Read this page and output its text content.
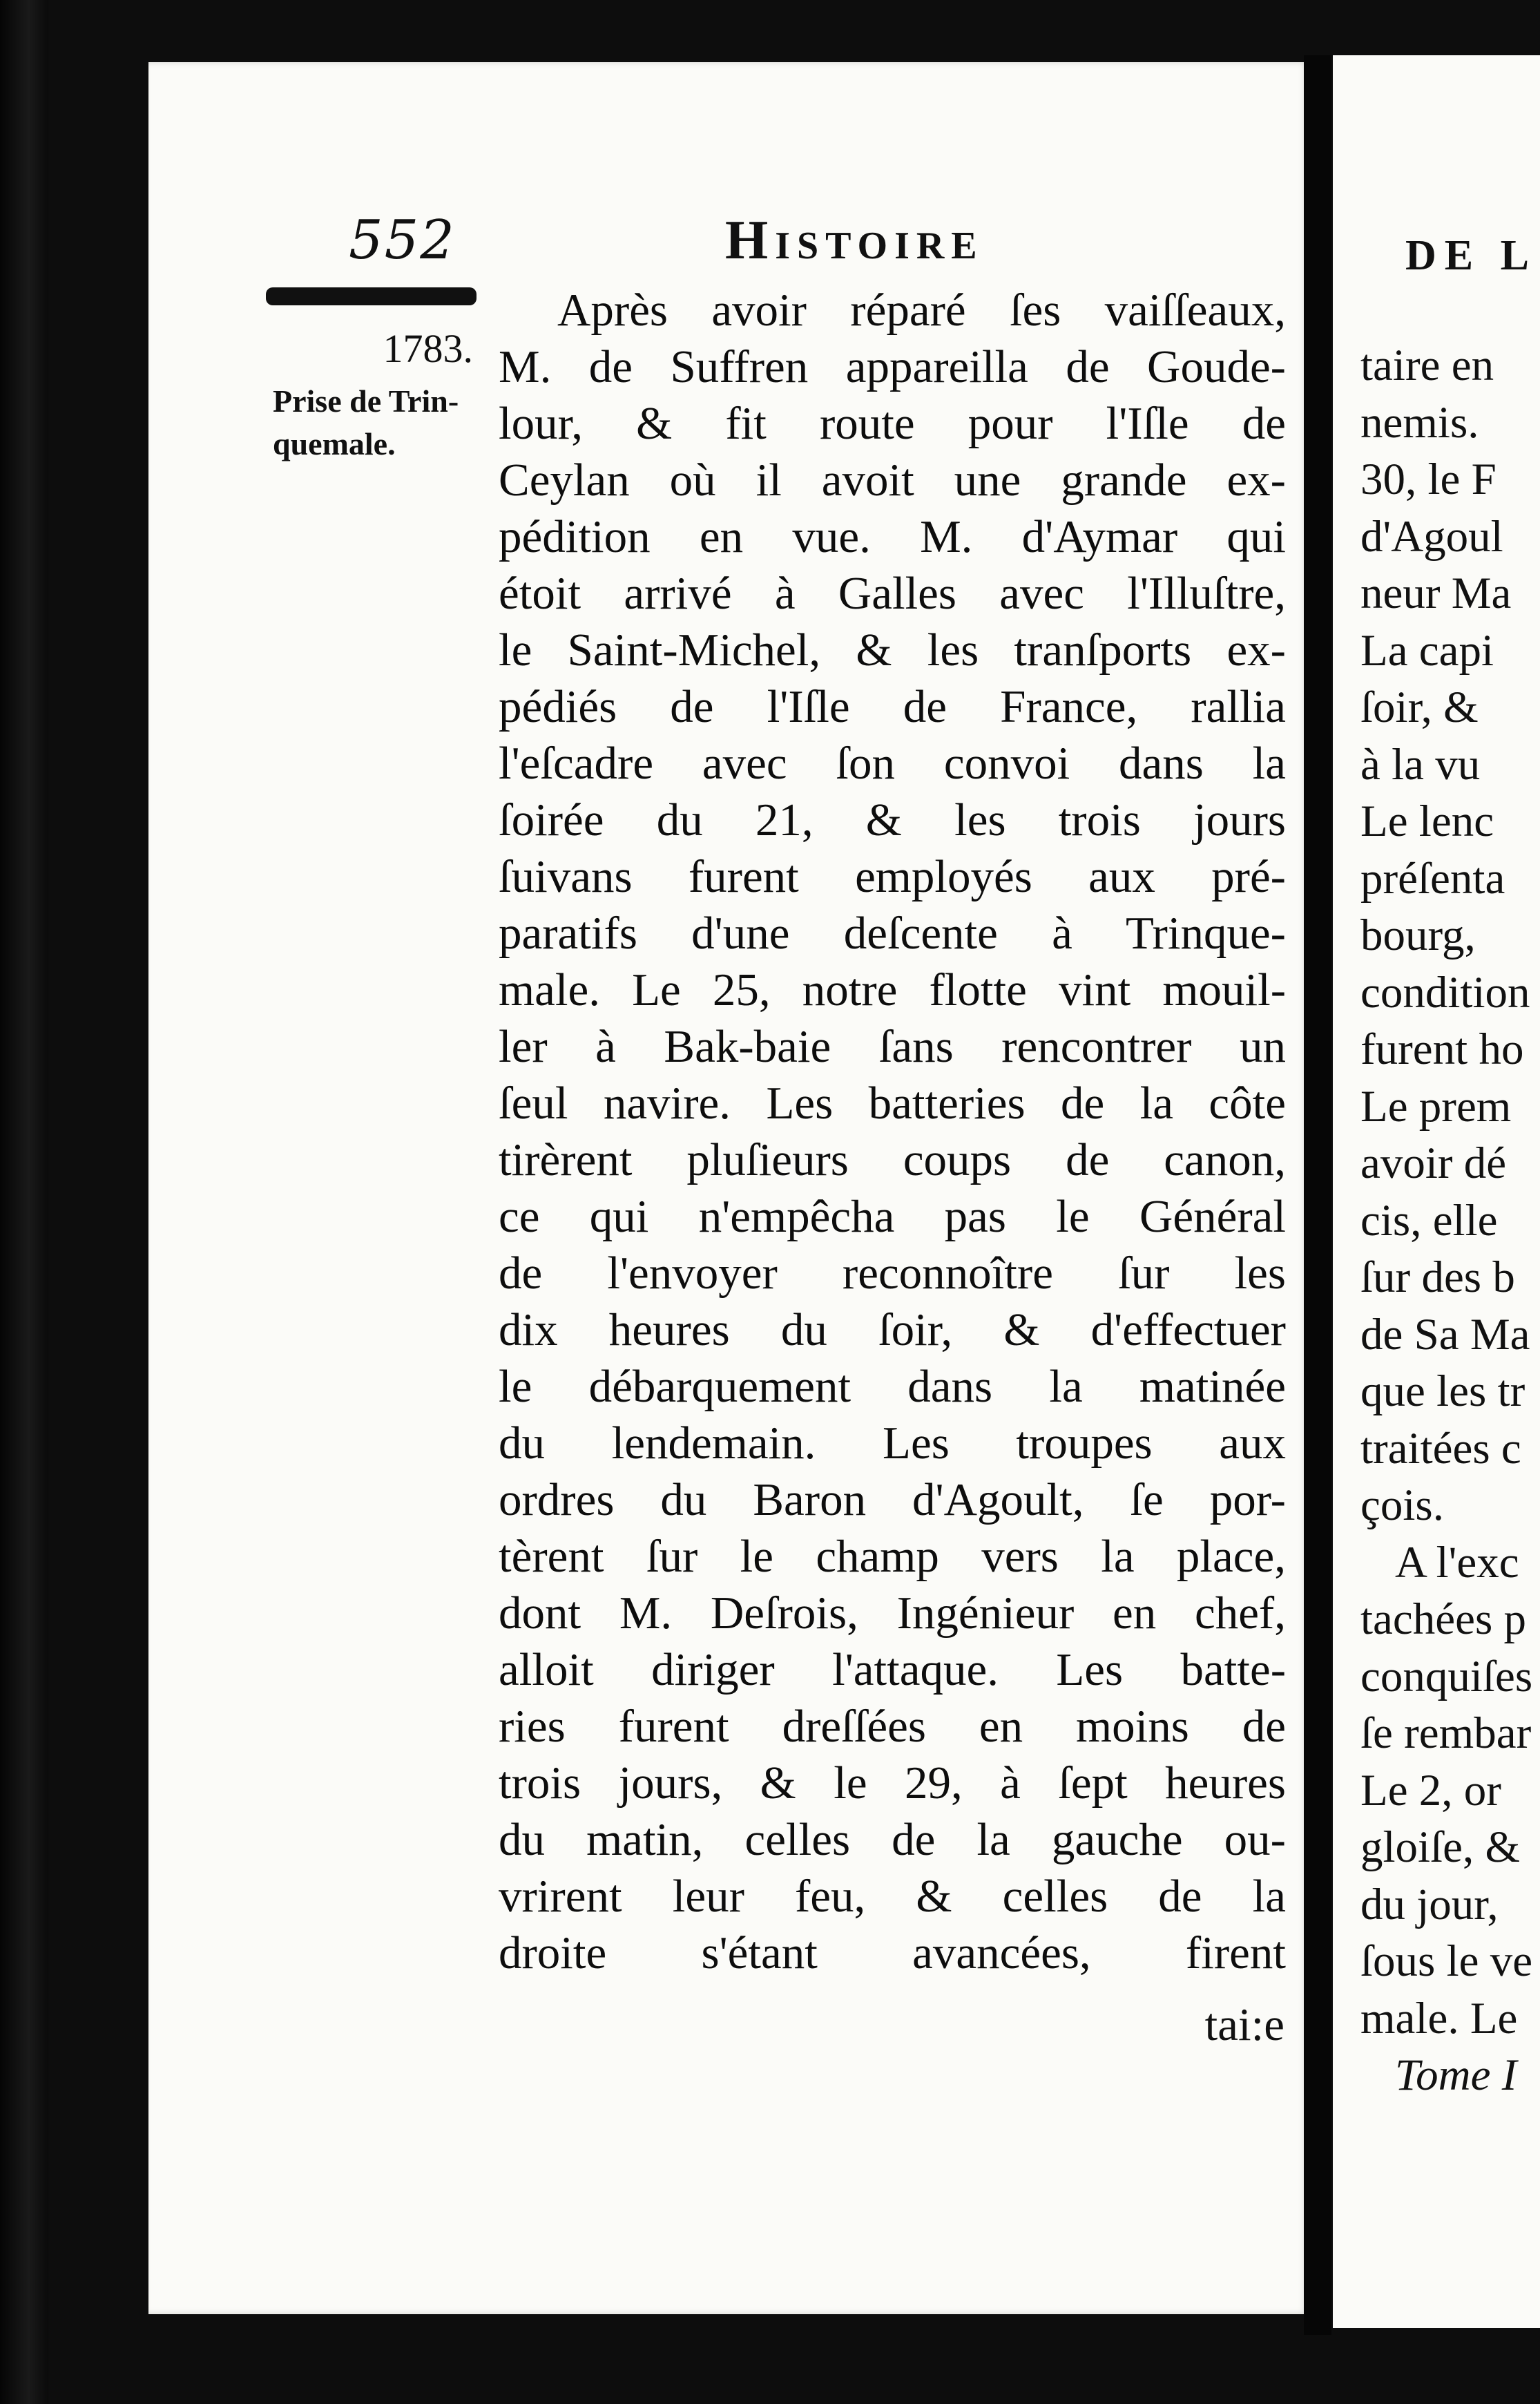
DE L
taire en
nemis.
30, le F
d'Agoul
neur Ma
La capi
ſoir, &
à la vu
Le lenc
préſenta
bourg,
condition
furent ho
Le prem
avoir dé
cis, elle
ſur des b
de Sa Ma
que les tr
traitées c
çois.
A l'exc
tachées p
conquiſes
ſe rembar
Le 2, or
gloiſe, &
du jour,
ſous le ve
male. Le
Tome I
552	Histoire
1783.
Prise de Trin-
quemale.
Après avoir réparé ſes vaiſſeaux,
M. de Suffren appareilla de Goude-
lour, & fit route pour l'Iſle de
Ceylan où il avoit une grande ex-
pédition en vue. M. d'Aymar qui
étoit arrivé à Galles avec l'Illuſtre,
le Saint-Michel, & les tranſports ex-
pédiés de l'Iſle de France, rallia
l'eſcadre avec ſon convoi dans la
ſoirée du 21, & les trois jours
ſuivans furent employés aux pré-
paratifs d'une deſcente à Trinque-
male. Le 25, notre flotte vint mouil-
ler à Bak-baie ſans rencontrer un
ſeul navire. Les batteries de la côte
tirèrent pluſieurs coups de canon,
ce qui n'empêcha pas le Général
de l'envoyer reconnoître ſur les
dix heures du ſoir, & d'effectuer
le débarquement dans la matinée
du lendemain. Les troupes aux
ordres du Baron d'Agoult, ſe por-
tèrent ſur le champ vers la place,
dont M. Deſrois, Ingénieur en chef,
alloit diriger l'attaque. Les batte-
ries furent dreſſées en moins de
trois jours, & le 29, à ſept heures
du matin, celles de la gauche ou-
vrirent leur feu, & celles de la
droite s'étant avancées, firent
tai:e
